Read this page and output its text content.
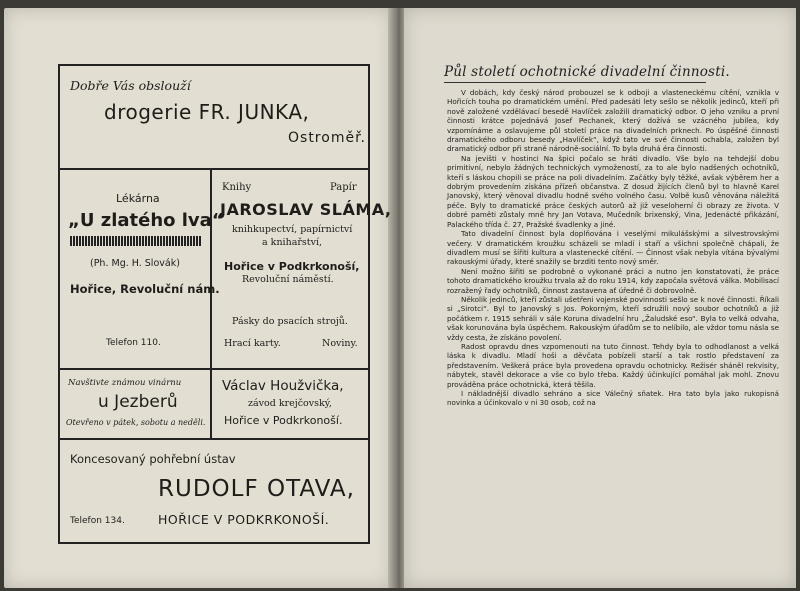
Dobře Vás obslouží
drogerie FR. JUNKA,
Ostroměř.
Lékárna
„U zlatého lva“
(Ph. Mg. H. Slovák)
Hořice, Revoluční nám.
Telefon 110.
Knihy	Papír
JAROSLAV SLÁMA,
knihkupectví, papírnictví
a knihařství,
Hořice v Podkrkonoší,
Revoluční náměstí.
Pásky do psacích strojů.
Hrací karty.	Noviny.
Navštivte známou vinárnu
u Jezberů
Otevřeno v pátek, sobotu a neděli.
Václav Houžvička,
závod krejčovský,
Hořice v Podkrkonoší.
Koncesovaný pohřební ústav
RUDOLF OTAVA,
Telefon 134.	HOŘICE V PODKRKONOŠÍ.
Půl století ochotnické divadelní činnosti.

V dobách, kdy český národ probouzel se k odboji a vlasteneckému cítění, vznikla v Hořicích touha po dramatickém umění. Před padesáti lety sešlo se několik jedinců, kteří při nově založené vzdělávací besedě Havlíček založili dramatický odbor. O jeho vzniku a první činnosti krátce pojednává Josef Pechanek, který dožívá se vzácného jubilea, kdy vzpomínáme a oslavujeme půl století práce na divadelních prknech. Po úspěšné činnosti dramatického odboru besedy „Havlíček“, když tato ve své činnosti ochabla, založen byl dramatický odbor při straně národně-sociální. To byla druhá éra činnosti.

Na jevišti v hostinci Na špici počalo se hráti divadlo. Vše bylo na tehdejší dobu primitivní, nebylo žádných technických vymožeností, za to ale bylo nadšených ochotníků, kteří s láskou chopili se práce na poli divadelním. Začátky byly těžké, avšak výběrem her a dobrým provedením získána přízeň občanstva. Z dosud žijících členů byl to hlavně Karel Janovský, který věnoval divadlu hodně svého volného času. Volbě kusů věnována náležitá péče. Byly to dramatické práce českých autorů až již veseloherní či obrazy ze života. V dobré paměti zůstaly mně hry Jan Votava, Mučedník brixenský, Vina, Jedenácté přikázání, Palackého třída č. 27, Pražské švadlenky a jiné.

Tato divadelní činnost byla doplňována i veselými mikulášskými a silvestrovskými večery. V dramatickém kroužku scházeli se mladí i staří a všichni společně chápali, že divadlem musí se šířiti kultura a vlastenecké cítění. — Činnost však nebyla vítána bývalými rakouskými úřady, které snažily se brzditi tento nový směr.

Není možno šířiti se podrobně o vykonané práci a nutno jen konstatovati, že práce tohoto dramatického kroužku trvala až do roku 1914, kdy započala světová válka. Mobilisací rozražený řady ochotníků, činnost zastavena ať úředně či dobrovolně.

Několik jedinců, kteří zůstali ušetřeni vojenské povinnosti sešlo se k nové činnosti. Říkali si „Sirotci“. Byl to Janovský s Jos. Pokorným, kteří sdružili nový soubor ochotníků a již počátkem r. 1915 sehráli v sále Koruna divadelní hru „Žaludské eso“. Byla to velká odvaha, však korunována byla úspěchem. Rakouským úřadům se to nelíbilo, ale vždor tomu násla se vždy cesta, že získáno povolení.

Radost opravdu dnes vzpomenouti na tuto činnost. Tehdy byla to odhodlanost a velká láska k divadlu. Mladí hoši a děvčata pobízeli starší a tak rostlo představení za představením. Veškerá práce byla provedena opravdu ochotnicky. Režisér sháněl rekvisity, nábytek, stavěl dekorace a vše co bylo třeba. Každý účinkující pomáhal jak mohl. Znovu prováděna práce ochotnická, která těšila.

I nákladnější divadlo sehráno a sice Válečný sňatek. Hra tato byla jako rukopisná novinka a účinkovalo v ni 30 osob, což na
